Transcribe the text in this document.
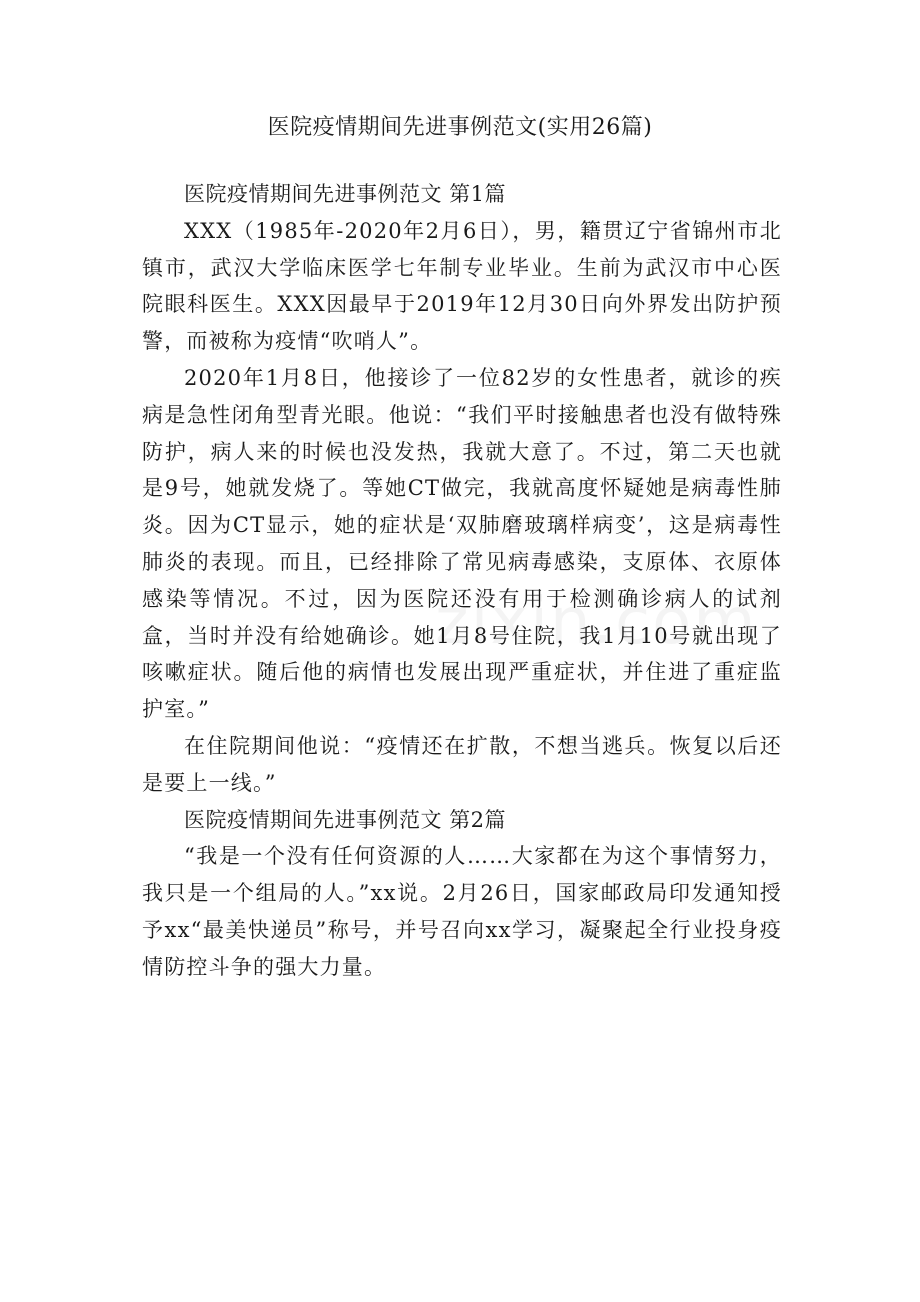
医院疫情期间先进事例范文(实用26篇)

医院疫情期间先进事例范文 第1篇

XXX（1985年-2020年2月6日），男，籍贯辽宁省锦州市北镇市，武汉大学临床医学七年制专业毕业。生前为武汉市中心医院眼科医生。XXX因最早于2019年12月30日向外界发出防护预警，而被称为疫情“吹哨人”。

2020年1月8日，他接诊了一位82岁的女性患者，就诊的疾病是急性闭角型青光眼。他说：“我们平时接触患者也没有做特殊防护，病人来的时候也没发热，我就大意了。不过，第二天也就是9号，她就发烧了。等她CT做完，我就高度怀疑她是病毒性肺炎。因为CT显示，她的症状是‘双肺磨玻璃样病变’，这是病毒性肺炎的表现。而且，已经排除了常见病毒感染，支原体、衣原体感染等情况。不过，因为医院还没有用于检测确诊病人的试剂盒，当时并没有给她确诊。她1月8号住院，我1月10号就出现了咳嗽症状。随后他的病情也发展出现严重症状，并住进了重症监护室。”

在住院期间他说：“疫情还在扩散，不想当逃兵。恢复以后还是要上一线。”

医院疫情期间先进事例范文 第2篇

“我是一个没有任何资源的人……大家都在为这个事情努力，我只是一个组局的人。”xx说。2月26日，国家邮政局印发通知授予xx“最美快递员”称号，并号召向xx学习，凝聚起全行业投身疫情防控斗争的强大力量。
